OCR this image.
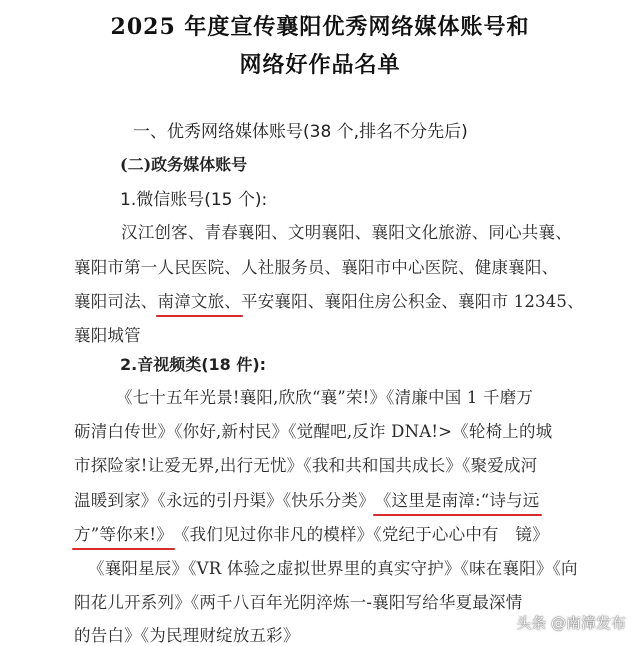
2025 年度宣传襄阳优秀网络媒体账号和
网络好作品名单
一、优秀网络媒体账号(38 个,排名不分先后)
(二)政务媒体账号
1.微信账号(15 个):
汉江创客、青春襄阳、文明襄阳、襄阳文化旅游、同心共襄、
襄阳市第一人民医院、人社服务员、襄阳市中心医院、健康襄阳、
襄阳司法、南漳文旅、平安襄阳、襄阳住房公积金、襄阳市 12345、
襄阳城管
2.音视频类(18 件):
《七十五年光景!襄阳,欣欣“襄”荣!》《清廉中国 1 千磨万
砺清白传世》《你好,新村民》《觉醒吧,反诈 DNA!>《轮椅上的城
市探险家!让爱无界,出行无忧》《我和共和国共成长》《聚爱成河
温暖到家》《永远的引丹渠》《快乐分类》《这里是南漳:“诗与远
方”等你来!》《我们见过你非凡的模样》《党纪于心心中有　镜》
《襄阳星辰》《VR 体验之虚拟世界里的真实守护》《味在襄阳》《向
阳花儿开系列》《两千八百年光阴淬炼一-襄阳写给华夏最深情
的告白》《为民理财绽放五彩》
头条 @南漳发布
